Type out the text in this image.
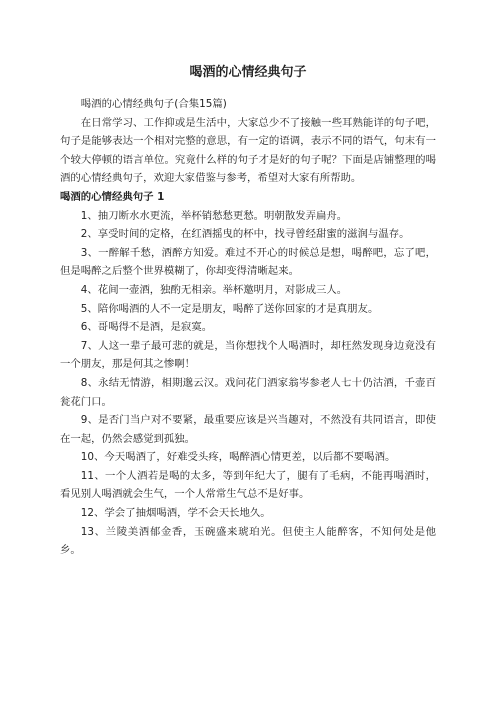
喝酒的心情经典句子

喝酒的心情经典句子(合集15篇)

在日常学习、工作抑或是生活中，大家总少不了接触一些耳熟能详的句子吧，句子是能够表达一个相对完整的意思，有一定的语调，表示不同的语气，句末有一个较大停顿的语言单位。究竟什么样的句子才是好的句子呢？下面是店铺整理的喝酒的心情经典句子，欢迎大家借鉴与参考，希望对大家有所帮助。

喝酒的心情经典句子 1

1、抽刀断水水更流，举杯销愁愁更愁。明朝散发弄扁舟。

2、享受时间的定格，在红酒摇曳的杯中，找寻曾经甜蜜的滋润与温存。

3、一醉解千愁，酒醉方知爱。难过不开心的时候总是想，喝醉吧，忘了吧，但是喝醉之后整个世界模糊了，你却变得清晰起来。

4、花间一壶酒，独酌无相亲。举杯邀明月，对影成三人。

5、陪你喝酒的人不一定是朋友，喝醉了送你回家的才是真朋友。

6、哥喝得不是酒，是寂寞。

7、人这一辈子最可悲的就是，当你想找个人喝酒时，却枉然发现身边竟没有一个朋友，那是何其之惨啊！

8、永结无情游，相期邈云汉。戏问花门酒家翁岑参老人七十仍沽酒，千壶百瓮花门口。

9、是否门当户对不要紧，最重要应该是兴当趣对，不然没有共同语言，即使在一起，仍然会感觉到孤独。

10、今天喝酒了，好难受头疼，喝醉酒心情更差，以后都不要喝酒。

11、一个人酒若是喝的太多，等到年纪大了，腿有了毛病，不能再喝酒时，看见别人喝酒就会生气，一个人常常生气总不是好事。

12、学会了抽烟喝酒，学不会天长地久。

13、兰陵美酒郁金香，玉碗盛来琥珀光。但使主人能醉客，不知何处是他乡。
